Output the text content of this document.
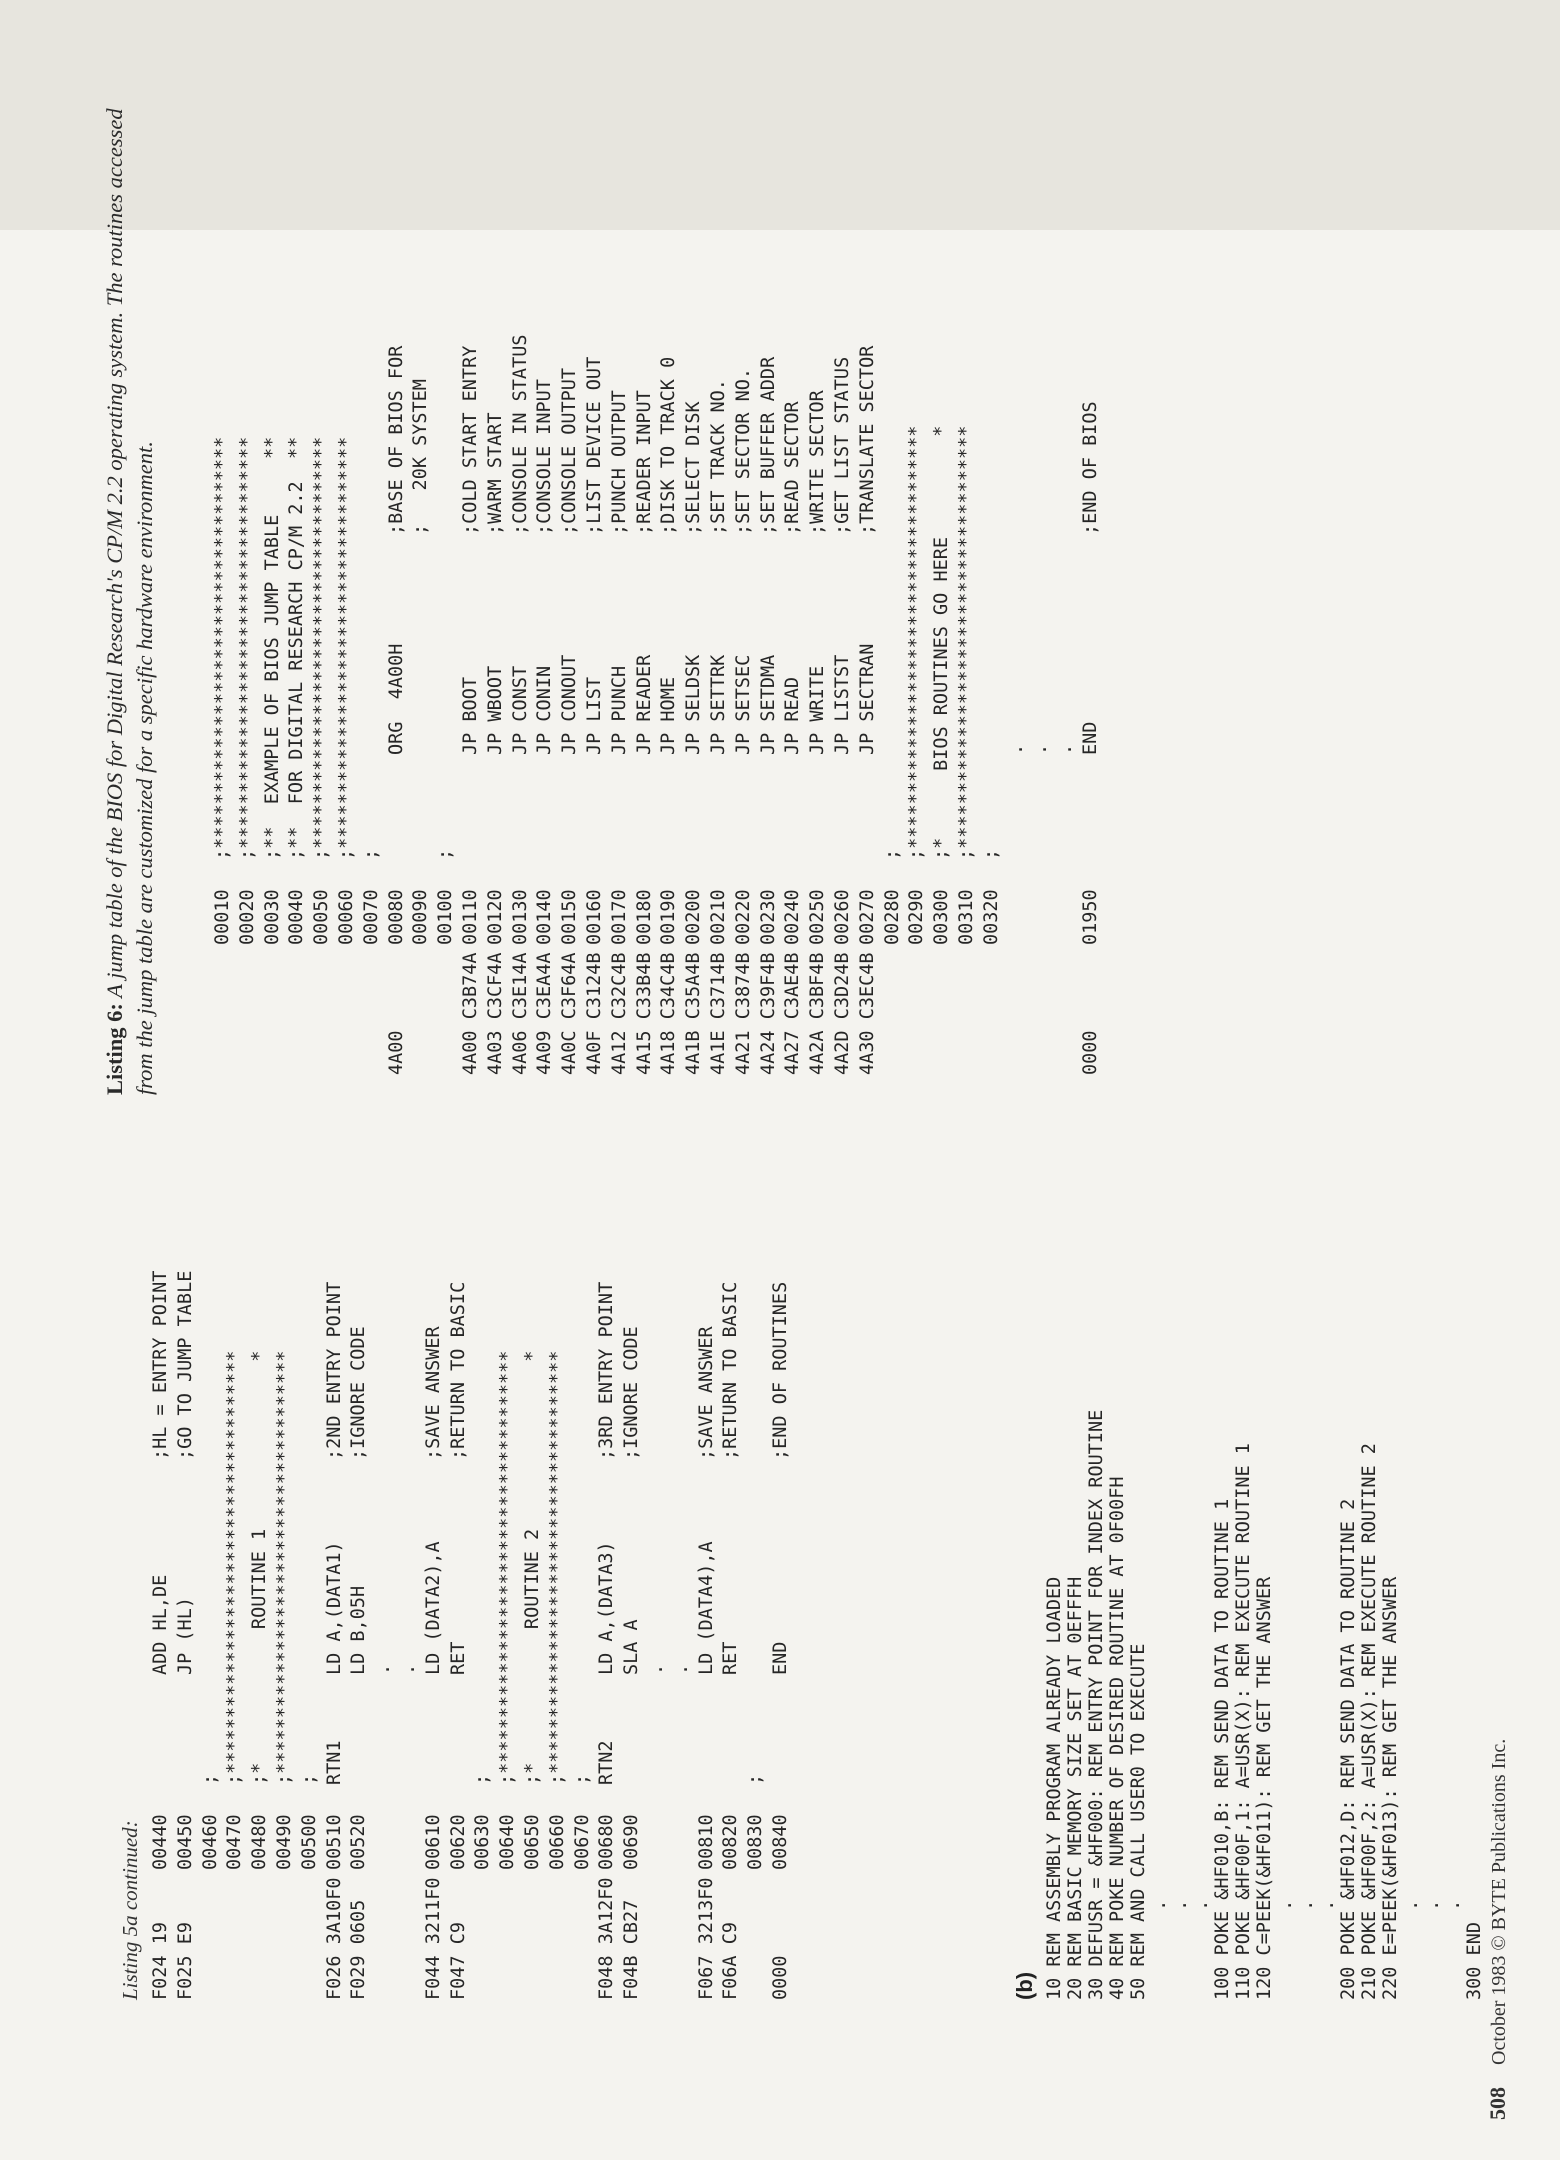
Listing 5a continued: F024 19
00440
ADD HL,DE
;HL = ENTRY POINT
F025 E9
00450
JP (HL)
;GO TO JUMP TABLE
00460
;
00470
;**************************************
00480
;*            ROUTINE 1               *
00490
;**************************************
00500
;
F026 3A10F0
00510
RTN1
LD A,(DATA1)
;2ND ENTRY POINT
F029 0605
00520
LD B,05H
;IGNORE CODE
. .
F044 3211F0
00610
LD (DATA2),A
;SAVE ANSWER
F047 C9
00620
RET
;RETURN TO BASIC
00630
;
00640
;**************************************
00650
;*            ROUTINE 2               *
00660
;**************************************
00670
;
F048 3A12F0
00680
RTN2
LD A,(DATA3)
;3RD ENTRY POINT
F04B CB27
00690
SLA A
;IGNORE CODE
. .
F067 3213F0
00810
LD (DATA4),A
;SAVE ANSWER
F06A C9
00820
RET
;RETURN TO BASIC
00830
;
0000
00840
END
;END OF ROUTINES
(b) 10 REM ASSEMBLY PROGRAM ALREADY LOADED 20 REM BASIC MEMORY SIZE SET AT 0EFFFH 30 DEFUSR = &HF000: REM ENTRY POINT FOR INDEX ROUTINE 40 REM POKE NUMBER OF DESIRED ROUTINE AT 0F00FH 50 REM AND CALL USER0 TO EXECUTE . . . 100 POKE &HF010,B: REM SEND DATA TO ROUTINE 1 110 POKE &HF00F,1: A=USR(X): REM EXECUTE ROUTINE 1 120 C=PEEK(&HF011): REM GET THE ANSWER . . . 200 POKE &HF012,D: REM SEND DATA TO ROUTINE 2 210 POKE &HF00F,2: A=USR(X): REM EXECUTE ROUTINE 2 220 E=PEEK(&HF013): REM GET THE ANSWER . . . 300 END
Listing 6: A jump table of the BIOS for Digital Research's CP/M 2.2 operating system. The routines accessed from the jump table are customized for a specific hardware environment.	00010
;*************************************
00020
;*************************************
00030
;**  EXAMPLE OF BIOS JUMP TABLE     **
00040
;**  FOR DIGITAL RESEARCH CP/M 2.2  **
00050
;*************************************
00060
;*************************************
00070
;
4A00
00080
ORG  4A00H
;BASE OF BIOS FOR
00090
;   20K SYSTEM
00100
;
4A00 C3B74A
00110
JP BOOT
;COLD START ENTRY
4A03 C3CF4A
00120
JP WBOOT
;WARM START
4A06 C3E14A
00130
JP CONST
;CONSOLE IN STATUS
4A09 C3EA4A
00140
JP CONIN
;CONSOLE INPUT
4A0C C3F64A
00150
JP CONOUT
;CONSOLE OUTPUT
4A0F C3124B
00160
JP LIST
;LIST DEVICE OUT
4A12 C32C4B
00170
JP PUNCH
;PUNCH OUTPUT
4A15 C33B4B
00180
JP READER
;READER INPUT
4A18 C34C4B
00190
JP HOME
;DISK TO TRACK 0
4A1B C35A4B
00200
JP SELDSK
;SELECT DISK
4A1E C3714B
00210
JP SETTRK
;SET TRACK NO.
4A21 C3874B
00220
JP SETSEC
;SET SECTOR NO.
4A24 C39F4B
00230
JP SETDMA
;SET BUFFER ADDR
4A27 C3AE4B
00240
JP READ
;READ SECTOR
4A2A C3BF4B
00250
JP WRITE
;WRITE SECTOR
4A2D C3D24B
00260
JP LISTST
;GET LIST STATUS
4A30 C3EC4B
00270
JP SECTRAN
;TRANSLATE SECTOR
00280
;
00290
;**************************************
00300
;*      BIOS ROUTINES GO HERE         *
00310
;**************************************
00320
;
. . .
0000
01950
END
;END OF BIOS
508October 1983 © BYTE Publications Inc.
